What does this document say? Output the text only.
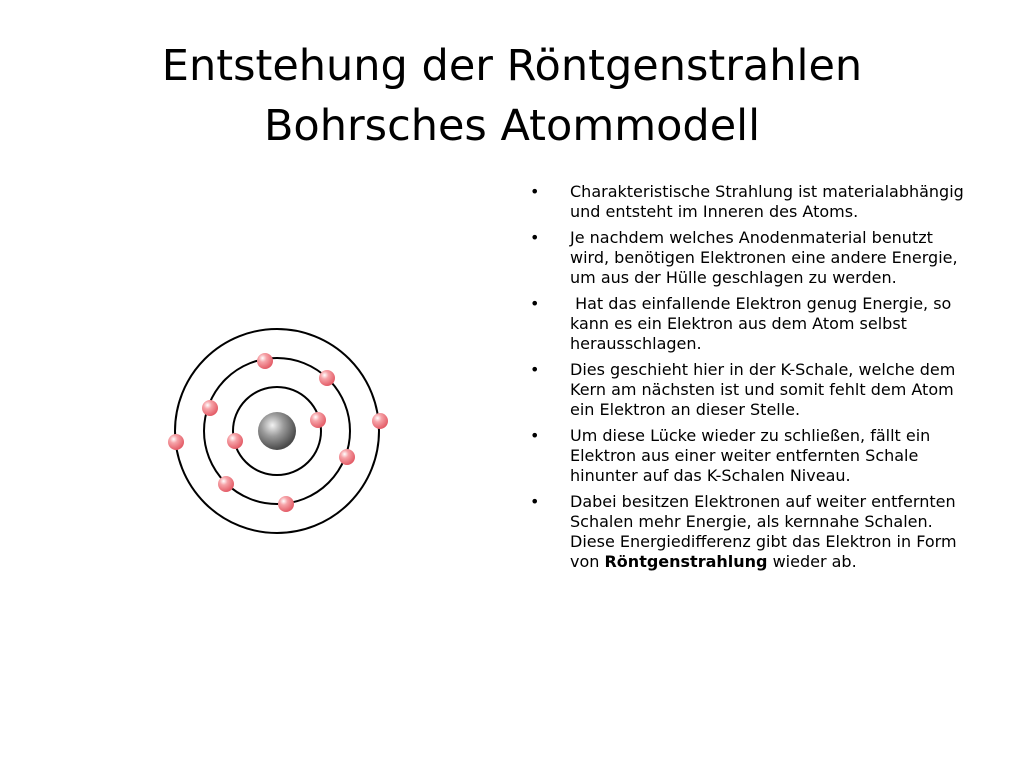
Entstehung der Röntgenstrahlen
Bohrsches Atommodell
• Charakteristische Strahlung ist materialabhängig und entsteht im Inneren des Atoms.
• Je nachdem welches Anodenmaterial benutzt wird, benötigen Elektronen eine andere Energie, um aus der Hülle geschlagen zu werden.
• Hat das einfallende Elektron genug Energie, so kann es ein Elektron aus dem Atom selbst herausschlagen.
• Dies geschieht hier in der K-Schale, welche dem Kern am nächsten ist und somit fehlt dem Atom ein Elektron an dieser Stelle.
• Um diese Lücke wieder zu schließen, fällt ein Elektron aus einer weiter entfernten Schale hinunter auf das K-Schalen Niveau.
• Dabei besitzen Elektronen auf weiter entfernten Schalen mehr Energie, als kernnahe Schalen. Diese Energiedifferenz gibt das Elektron in Form von Röntgenstrahlung wieder ab.
